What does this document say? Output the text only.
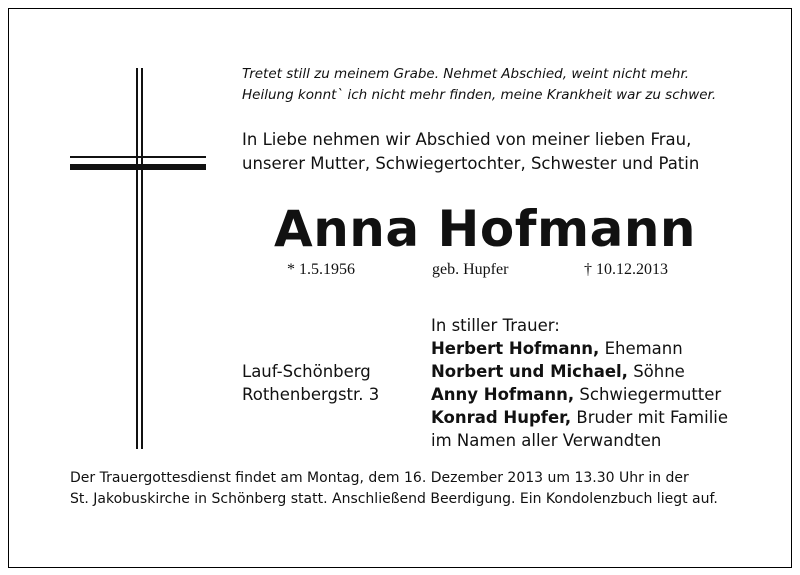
Tretet still zu meinem Grabe. Nehmet Abschied, weint nicht mehr.
Heilung konnt` ich nicht mehr finden, meine Krankheit war zu schwer.
In Liebe nehmen wir Abschied von meiner lieben Frau,
unserer Mutter, Schwiegertochter, Schwester und Patin
Anna Hofmann
* 1.5.1956	geb. Hupfer	† 10.12.2013
Lauf-Schönberg
Rothenbergstr. 3
In stiller Trauer:
Herbert Hofmann, Ehemann
Norbert und Michael, Söhne
Anny Hofmann, Schwiegermutter
Konrad Hupfer, Bruder mit Familie
im Namen aller Verwandten
Der Trauergottesdienst findet am Montag, dem 16. Dezember 2013 um 13.30 Uhr in der
St. Jakobuskirche in Schönberg statt. Anschließend Beerdigung. Ein Kondolenzbuch liegt auf.
